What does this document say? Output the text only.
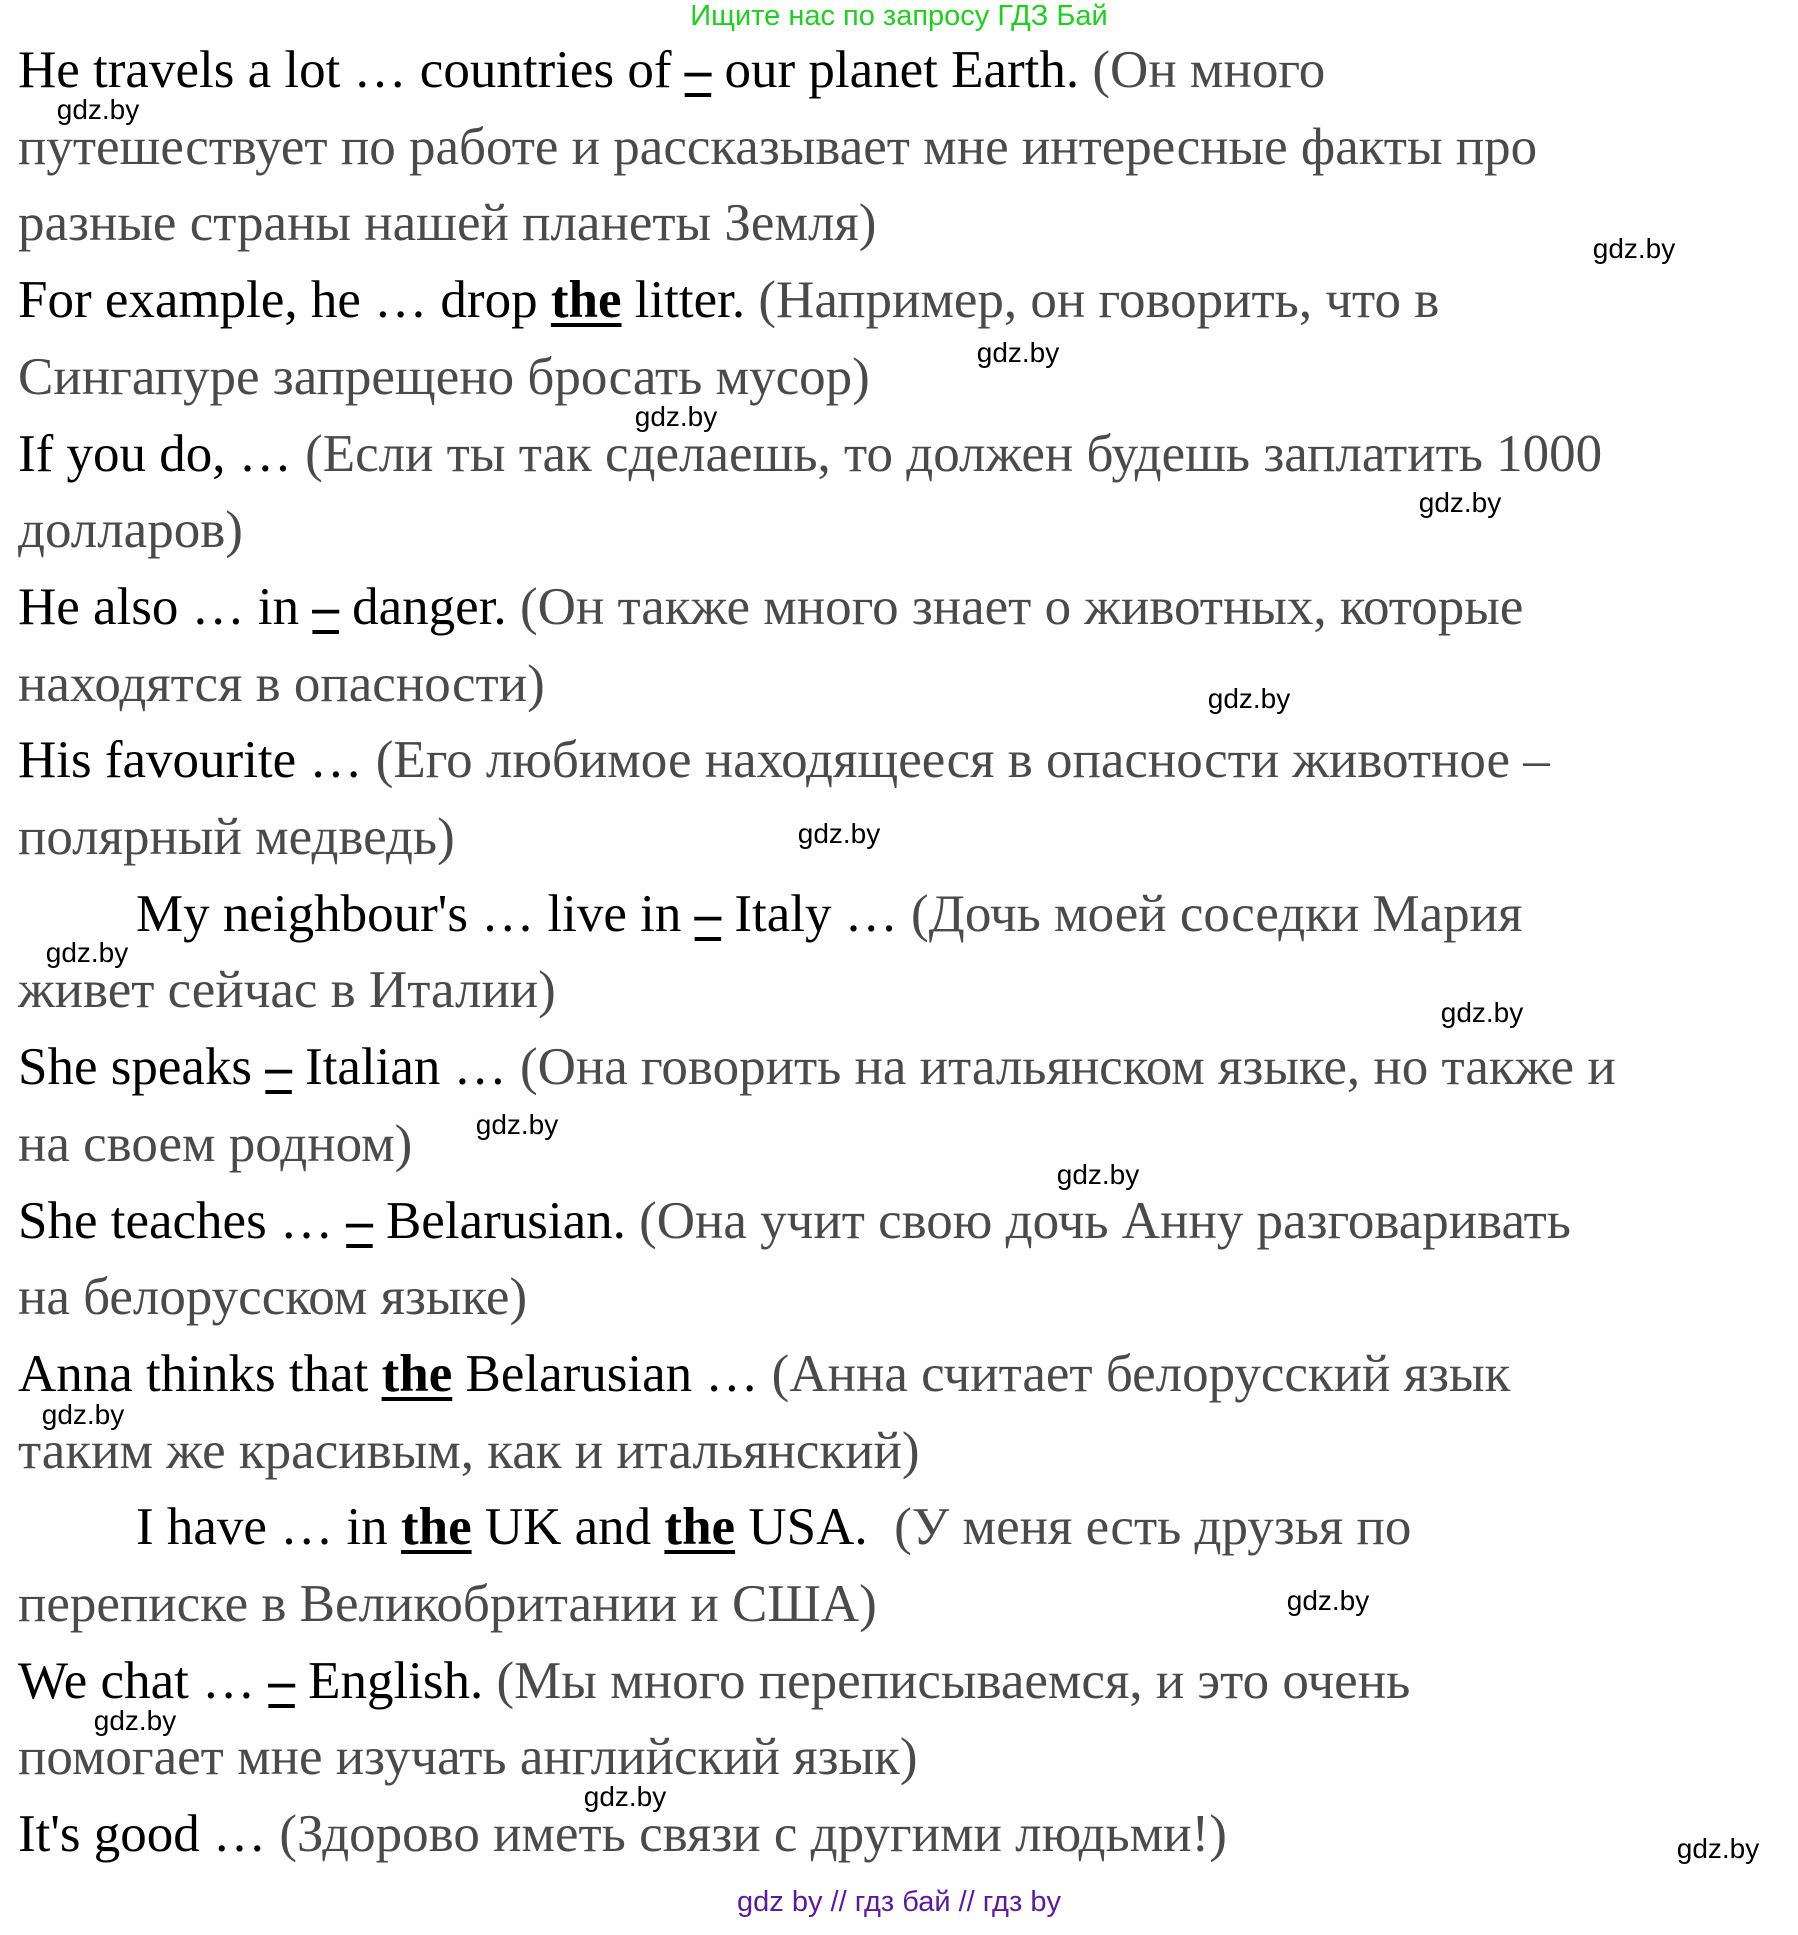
Ищите нас по запросу ГДЗ Бай
He travels a lot … countries of – our planet Earth. (Он много
путешествует по работе и рассказывает мне интересные факты про
разные страны нашей планеты Земля)
For example, he … drop the litter. (Например, он говорить, что в
Сингапуре запрещено бросать мусор)
If you do, … (Если ты так сделаешь, то должен будешь заплатить 1000
долларов)
He also … in – danger. (Он также много знает о животных, которые
находятся в опасности)
His favourite … (Его любимое находящееся в опасности животное –
полярный медведь)
My neighbour's … live in – Italy … (Дочь моей соседки Мария
живет сейчас в Италии)
She speaks – Italian … (Она говорить на итальянском языке, но также и
на своем родном)
She teaches … – Belarusian. (Она учит свою дочь Анну разговаривать
на белорусском языке)
Anna thinks that the Belarusian … (Анна считает белорусский язык
таким же красивым, как и итальянский)
I have … in the UK and the USA.  (У меня есть друзья по
переписке в Великобритании и США)
We chat … – English. (Мы много переписываемся, и это очень
помогает мне изучать английский язык)
It's good … (Здорово иметь связи с другими людьми!)
gdz.by
gdz.by
gdz.by
gdz.by
gdz.by
gdz.by
gdz.by
gdz.by
gdz.by
gdz.by
gdz.by
gdz.by
gdz.by
gdz.by
gdz.by
gdz.by
gdz by // гдз бай // гдз by
